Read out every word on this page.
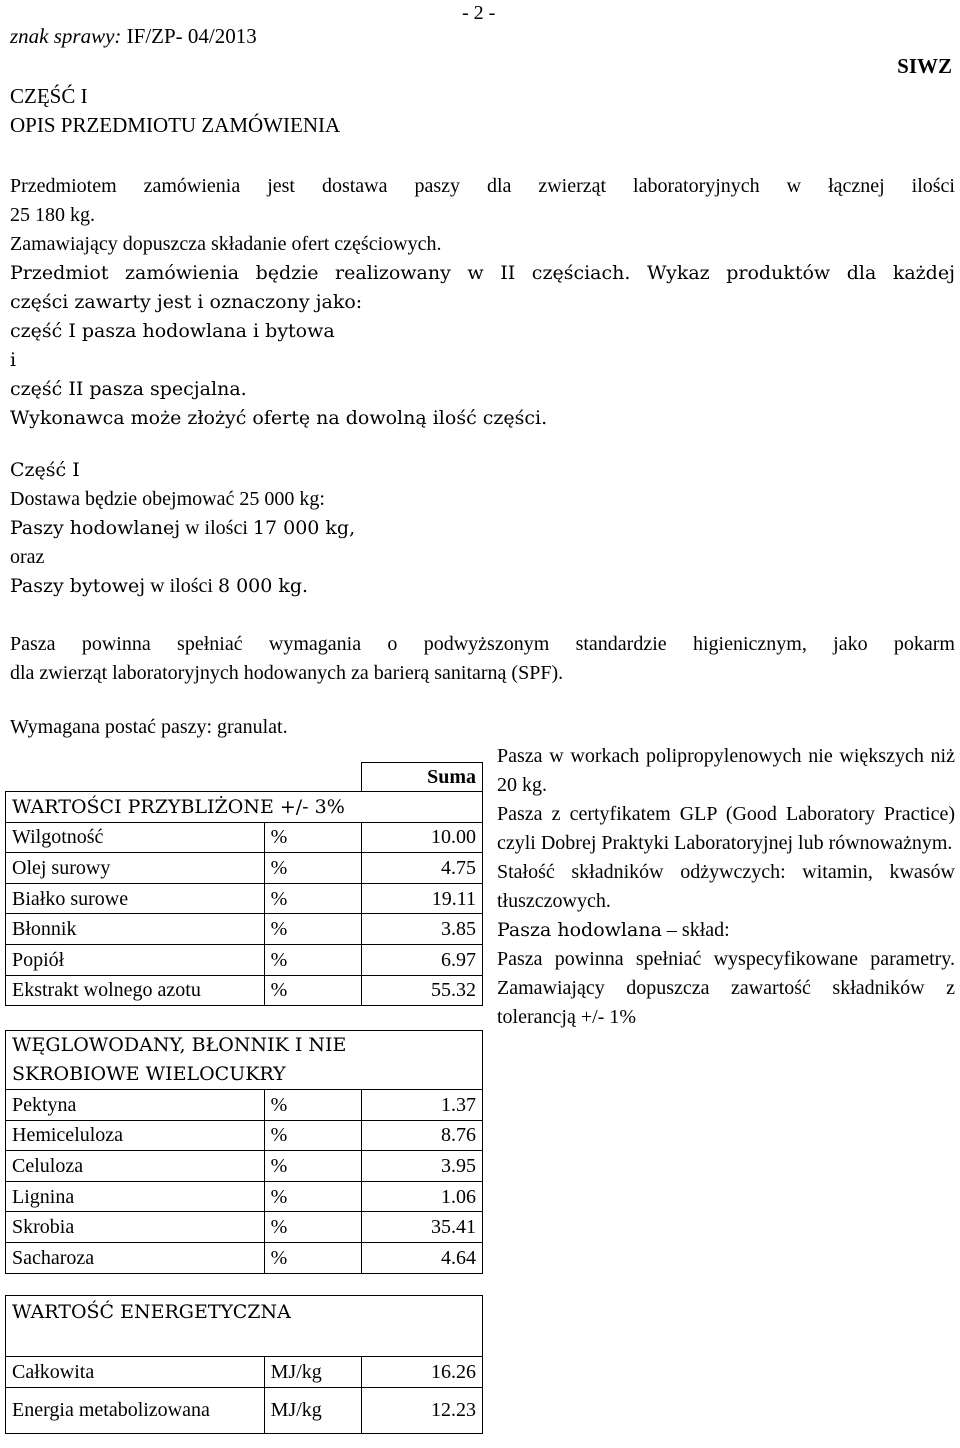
- 2 -
znak sprawy: IF/ZP- 04/2013
SIWZ
CZĘŚĆ I
OPIS PRZEDMIOTU ZAMÓWIENIA

Przedmiotem zamówienia jest dostawa paszy dla zwierząt laboratoryjnych w łącznej ilości

25 180 kg.

Zamawiający dopuszcza składanie ofert częściowych.

Przedmiot zamówienia będzie realizowany w II częściach. Wykaz produktów dla każdej

części zawarty jest i oznaczony jako:

część I pasza hodowlana i bytowa

i

część II pasza specjalna.

Wykonawca może złożyć ofertę na dowolną ilość części.

Część I

Dostawa będzie obejmować 25 000 kg:

Paszy hodowlanej w ilości 17 000 kg,

oraz

Paszy bytowej w ilości 8 000 kg.

Pasza powinna spełniać wymagania o podwyższonym standardzie higienicznym, jako pokarm

dla zwierząt laboratoryjnych hodowanych za barierą sanitarną (SPF).

Wymagana postać paszy: granulat.

Pasza w workach polipropylenowych nie większych niż 20 kg.

Pasza z certyfikatem GLP (Good Laboratory Practice) czyli Dobrej Praktyki Laboratoryjnej lub równoważnym.

Stałość składników odżywczych: witamin, kwasów tłuszczowych.

Pasza hodowlana – skład:

Pasza powinna spełniać wyspecyfikowane parametry. Zamawiający dopuszcza zawartość składników z tolerancją +/- 1%

		Suma
WARTOŚCI PRZYBLIŻONE +/- 3%		
Wilgotność	%	10.00
Olej surowy	%	4.75
Białko surowe	%	19.11
Błonnik	%	3.85
Popiół	%	6.97
Ekstrakt wolnego azotu	%	55.32
WĘGLOWODANY, BŁONNIK I NIE
SKROBIOWE WIELOCUKRY		

Pektyna	%	1.37
Hemiceluloza	%	8.76
Celuloza	%	3.95
Lignina	%	1.06
Skrobia	%	35.41
Sacharoza	%	4.64
WARTOŚĆ ENERGETYCZNA		
Całkowita	MJ/kg	16.26
Energia metabolizowana	MJ/kg	12.23
